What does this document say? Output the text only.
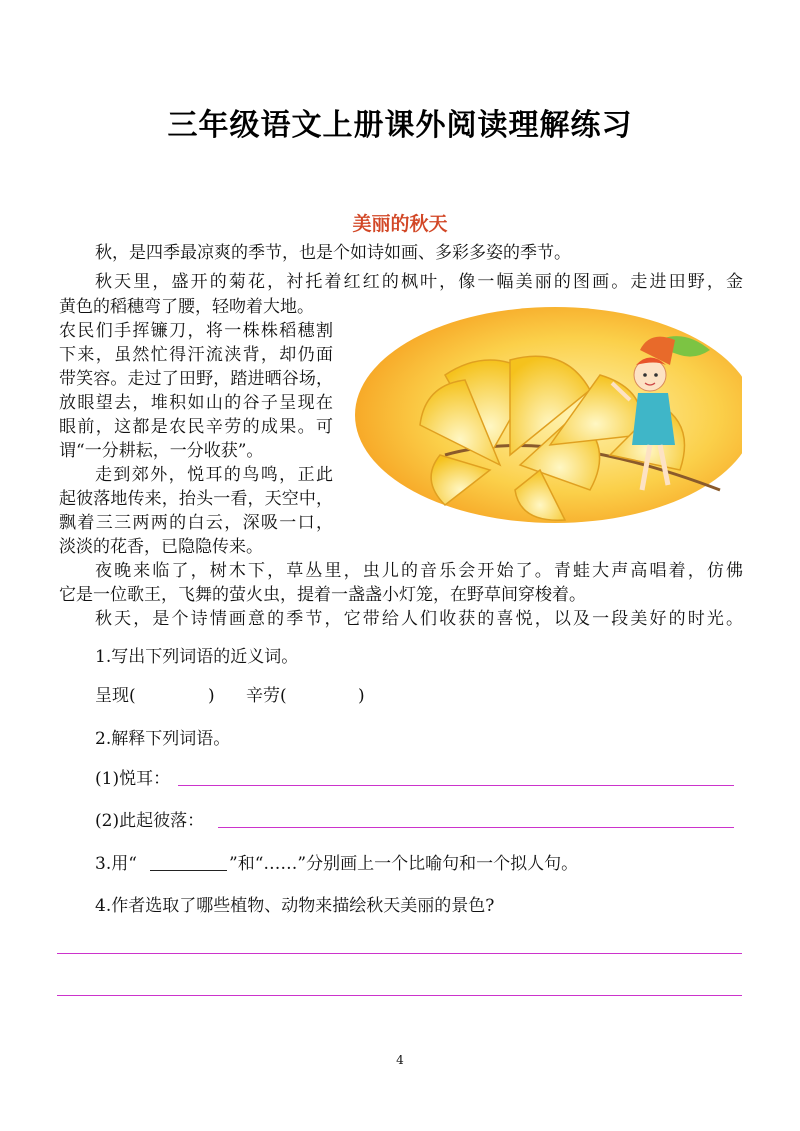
三年级语文上册课外阅读理解练习
美丽的秋天
秋，是四季最凉爽的季节，也是个如诗如画、多彩多姿的季节。
秋天里，盛开的菊花，衬托着红红的枫叶，像一幅美丽的图画。走进田野，金
黄色的稻穗弯了腰，轻吻着大地。
农民们手挥镰刀，将一株株稻穗割
下来，虽然忙得汗流浃背，却仍面
带笑容。走过了田野，踏进晒谷场，
放眼望去，堆积如山的谷子呈现在
眼前，这都是农民辛劳的成果。可
谓“一分耕耘，一分收获”。
走到郊外，悦耳的鸟鸣，正此
起彼落地传来，抬头一看，天空中，
飘着三三两两的白云，深吸一口，
淡淡的花香，已隐隐传来。
夜晚来临了，树木下，草丛里，虫儿的音乐会开始了。青蛙大声高唱着，仿佛
它是一位歌王，飞舞的萤火虫，提着一盏盏小灯笼，在野草间穿梭着。
秋天，是个诗情画意的季节，它带给人们收获的喜悦，以及一段美好的时光。
1.写出下列词语的近义词。
呈现(	) 辛劳(	)
2.解释下列词语。
(1)悦耳：
(2)此起彼落：
3.用“	”和“……”分别画上一个比喻句和一个拟人句。
4.作者选取了哪些植物、动物来描绘秋天美丽的景色?
4
